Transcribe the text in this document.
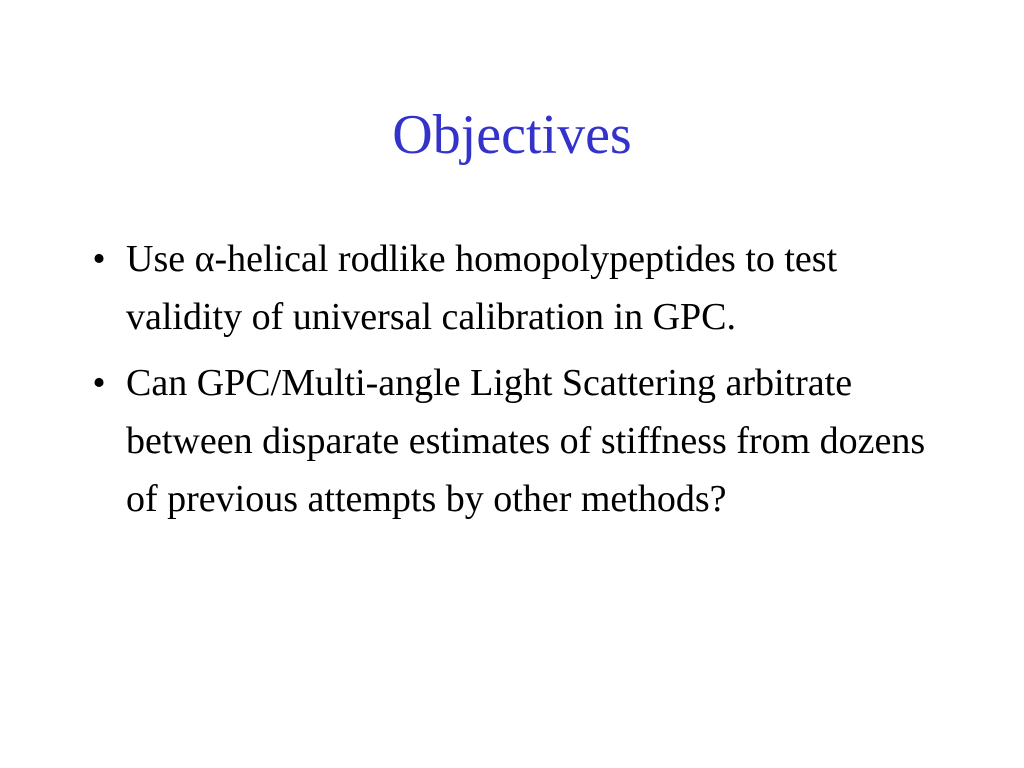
Objectives
• Use α-helical rodlike homopolypeptides to test validity of universal calibration in GPC.
• Can GPC/Multi-angle Light Scattering arbitrate between disparate estimates of stiffness from dozens of previous attempts by other methods?
